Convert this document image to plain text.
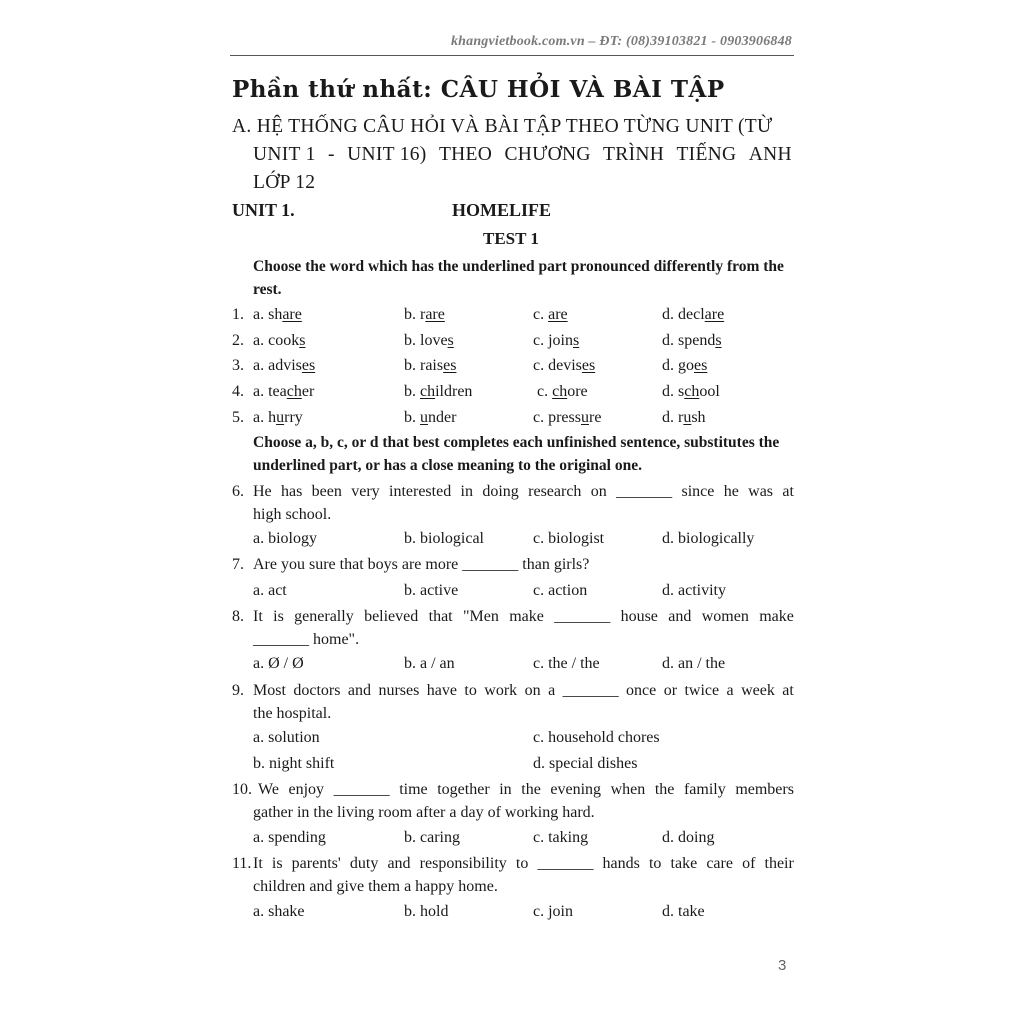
khangvietbook.com.vn – ĐT: (08)39103821 - 0903906848
Phần thứ nhất: CÂU HỎI VÀ BÀI TẬP
A. HỆ THỐNG CÂU HỎI VÀ BÀI TẬP THEO TỪNG UNIT (TỪ
UNIT 1 - UNIT 16) THEO CHƯƠNG TRÌNH TIẾNG ANH
LỚP 12
UNIT 1.	HOMELIFE
TEST 1
Choose the word which has the underlined part pronounced differently from the rest.
1. a. share	b. rare	c. are	d. declare
2. a. cooks	b. loves	c. joins	d. spends
3. a. advises	b. raises	c. devises	d. goes
4. a. teacher	b. children	c. chore	d. school
5. a. hurry	b. under	c. pressure	d. rush
Choose a, b, c, or d that best completes each unfinished sentence, substitutes the underlined part, or has a close meaning to the original one.
6. He has been very interested in doing research on _______ since he was at
high school.
a. biology	b. biological	c. biologist	d. biologically
7. Are you sure that boys are more _______ than girls?
a. act	b. active	c. action	d. activity
8. It is generally believed that "Men make _______ house and women make
_______ home".
a. Ø / Ø	b. a / an	c. the / the	d. an / the
9. Most doctors and nurses have to work on a _______ once or twice a week at
the hospital.
a. solution	c. household chores
b. night shift	d. special dishes
10. We enjoy _______ time together in the evening when the family members
gather in the living room after a day of working hard.
a. spending	b. caring	c. taking	d. doing
11. It is parents' duty and responsibility to _______ hands to take care of their
children and give them a happy home.
a. shake	b. hold	c. join	d. take
3
